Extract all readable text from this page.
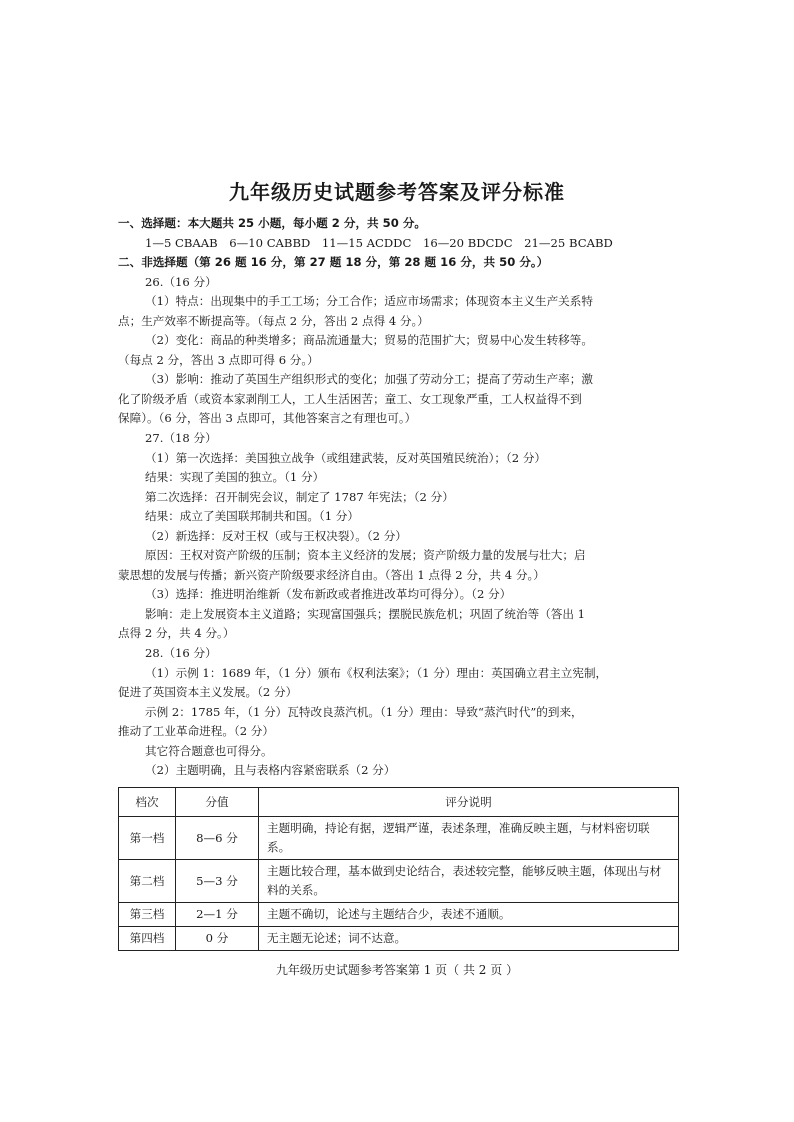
九年级历史试题参考答案及评分标准

一、选择题：本大题共 25 小题，每小题 2 分，共 50 分。

1—5 CBAAB　6—10 CABBD　11—15 ACDDC　16—20 BDCDC　21—25 BCABD

二、非选择题（第 26 题 16 分，第 27 题 18 分，第 28 题 16 分，共 50 分。）

26.（16 分）

（1）特点：出现集中的手工工场；分工合作；适应市场需求；体现资本主义生产关系特

点；生产效率不断提高等。（每点 2 分，答出 2 点得 4 分。）

（2）变化：商品的种类增多；商品流通量大；贸易的范围扩大；贸易中心发生转移等。

（每点 2 分，答出 3 点即可得 6 分。）

（3）影响：推动了英国生产组织形式的变化；加强了劳动分工；提高了劳动生产率；激

化了阶级矛盾（或资本家剥削工人，工人生活困苦；童工、女工现象严重，工人权益得不到

保障）。（6 分，答出 3 点即可，其他答案言之有理也可。）

27.（18 分）

（1）第一次选择：美国独立战争（或组建武装，反对英国殖民统治）；（2 分）

结果：实现了美国的独立。（1 分）

第二次选择：召开制宪会议，制定了 1787 年宪法；（2 分）

结果：成立了美国联邦制共和国。（1 分）

（2）新选择：反对王权（或与王权决裂）。（2 分）

原因：王权对资产阶级的压制；资本主义经济的发展；资产阶级力量的发展与壮大；启

蒙思想的发展与传播；新兴资产阶级要求经济自由。（答出 1 点得 2 分，共 4 分。）

（3）选择：推进明治维新（发布新政或者推进改革均可得分）。（2 分）

影响：走上发展资本主义道路；实现富国强兵；摆脱民族危机；巩固了统治等（答出 1

点得 2 分，共 4 分。）

28.（16 分）

（1）示例 1：1689 年，（1 分）颁布《权利法案》；（1 分）理由：英国确立君主立宪制，

促进了英国资本主义发展。（2 分）

示例 2：1785 年，（1 分）瓦特改良蒸汽机。（1 分）理由：导致“蒸汽时代”的到来，

推动了工业革命进程。（2 分）

其它符合题意也可得分。

（2）主题明确，且与表格内容紧密联系（2 分）

档次	分值	评分说明
第一档	8—6 分	主题明确，持论有据，逻辑严谨，表述条理，准确反映主题，与材料密切联系。
第二档	5—3 分	主题比较合理，基本做到史论结合，表述较完整，能够反映主题，体现出与材料的关系。
第三档	2—1 分	主题不确切，论述与主题结合少，表述不通顺。
第四档	0 分	无主题无论述；词不达意。
九年级历史试题参考答案第 1 页（ 共 2 页 ）
